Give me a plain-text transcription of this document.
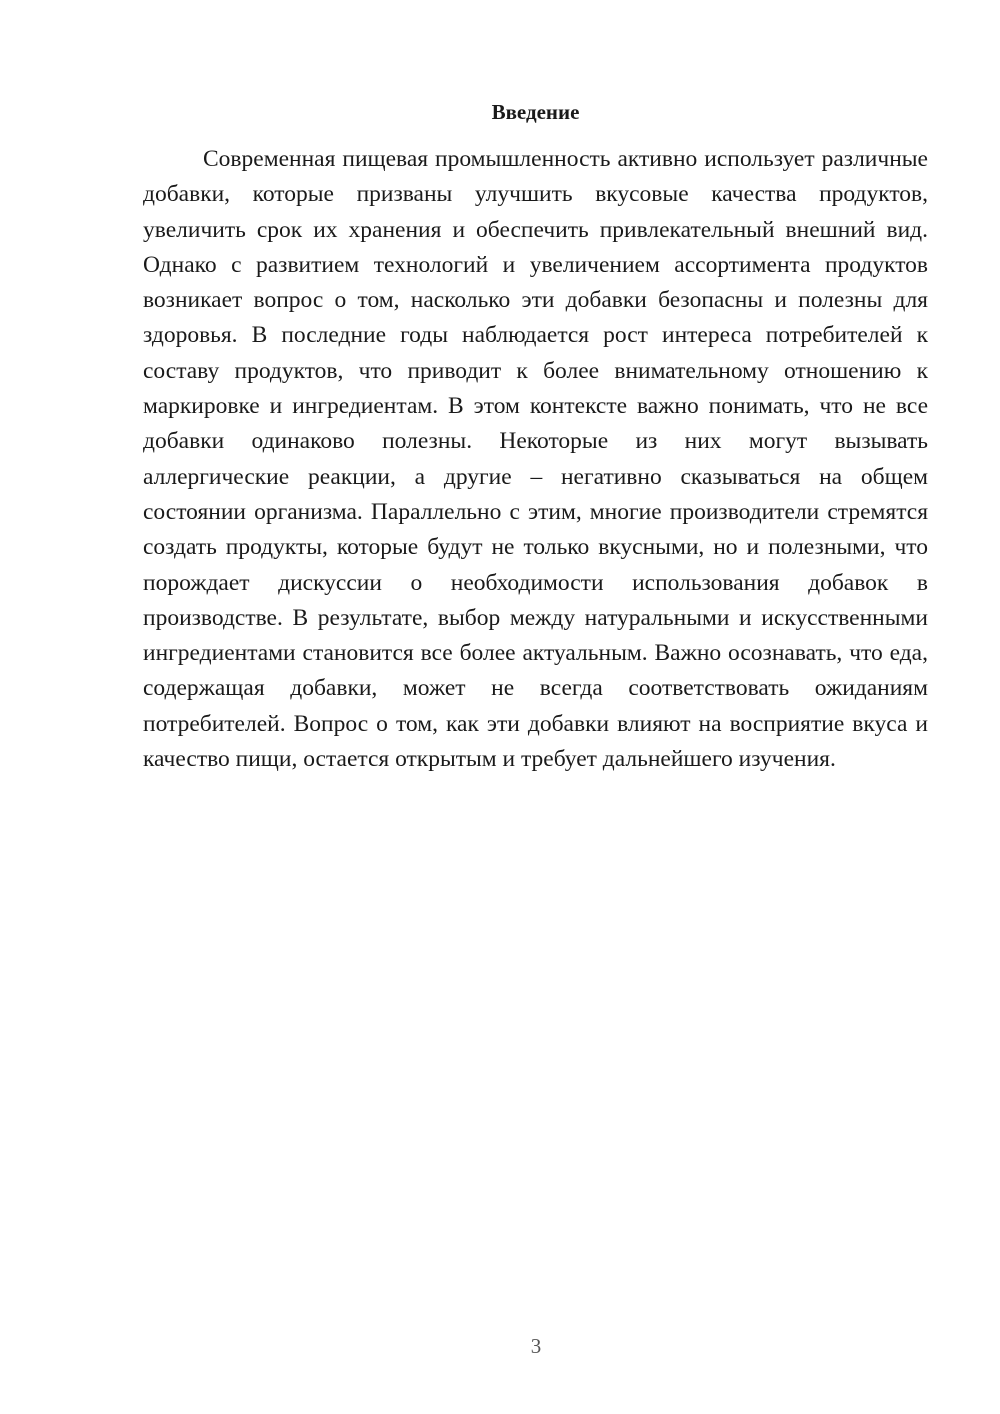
Введение

Современная пищевая промышленность активно использует различные добавки, которые призваны улучшить вкусовые качества продуктов, увеличить срок их хранения и обеспечить привлекательный внешний вид. Однако с развитием технологий и увеличением ассортимента продуктов возникает вопрос о том, насколько эти добавки безопасны и полезны для здоровья. В последние годы наблюдается рост интереса потребителей к составу продуктов, что приводит к более внимательному отношению к маркировке и ингредиентам. В этом контексте важно понимать, что не все добавки одинаково полезны. Некоторые из них могут вызывать аллергические реакции, а другие – негативно сказываться на общем состоянии организма. Параллельно с этим, многие производители стремятся создать продукты, которые будут не только вкусными, но и полезными, что порождает дискуссии о необходимости использования добавок в производстве. В результате, выбор между натуральными и искусственными ингредиентами становится все более актуальным. Важно осознавать, что еда, содержащая добавки, может не всегда соответствовать ожиданиям потребителей. Вопрос о том, как эти добавки влияют на восприятие вкуса и качество пищи, остается открытым и требует дальнейшего изучения.

3
